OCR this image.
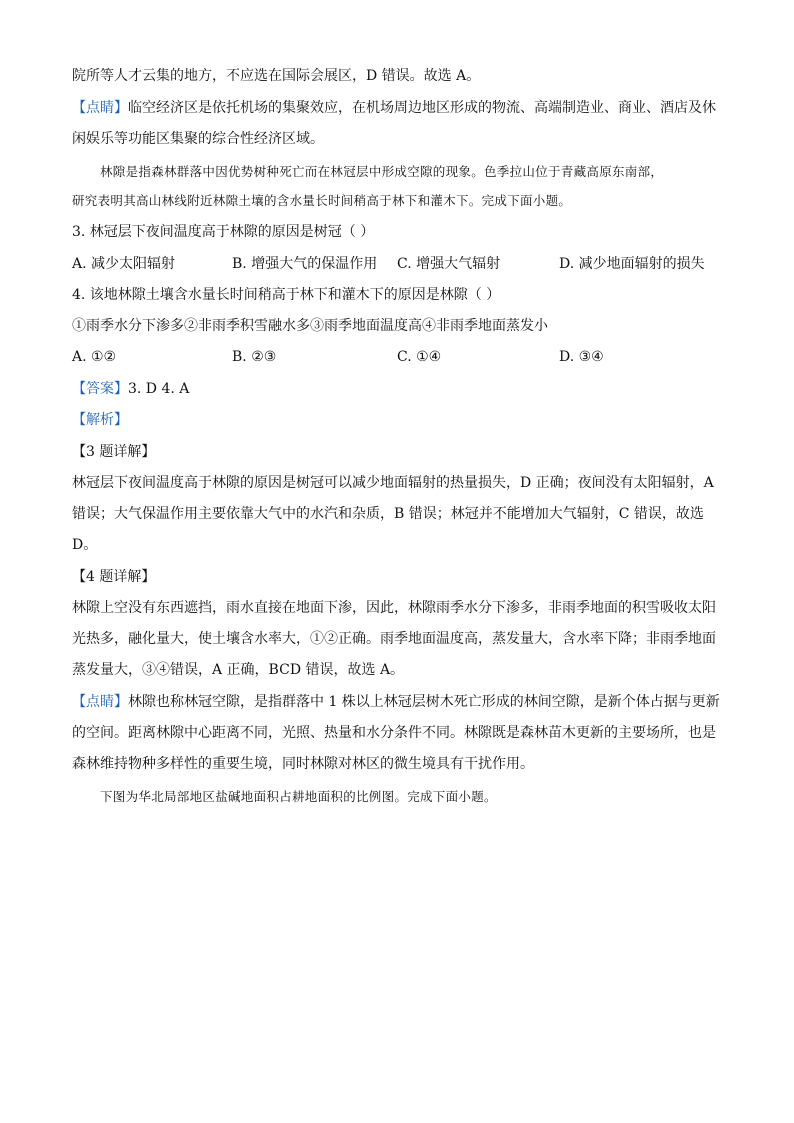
院所等人才云集的地方，不应选在国际会展区，D 错误。故选 A。
【点睛】临空经济区是依托机场的集聚效应，在机场周边地区形成的物流、高端制造业、商业、酒店及休
闲娱乐等功能区集聚的综合性经济区域。
林隙是指森林群落中因优势树种死亡而在林冠层中形成空隙的现象。色季拉山位于青藏高原东南部，
研究表明其高山林线附近林隙土壤的含水量长时间稍高于林下和灌木下。完成下面小题。
3. 林冠层下夜间温度高于林隙的原因是树冠（ ）
A. 减少太阳辐射	B. 增强大气的保温作用 C. 增强大气辐射	D. 减少地面辐射的损失
4. 该地林隙土壤含水量长时间稍高于林下和灌木下的原因是林隙（ ）
①雨季水分下渗多②非雨季积雪融水多③雨季地面温度高④非雨季地面蒸发小
A. ①②	B. ②③	C. ①④	D. ③④
【答案】3. D 4. A
【解析】
【3 题详解】
林冠层下夜间温度高于林隙的原因是树冠可以减少地面辐射的热量损失，D 正确；夜间没有太阳辐射，A
错误；大气保温作用主要依靠大气中的水汽和杂质，B 错误；林冠并不能增加大气辐射，C 错误，故选
D。
【4 题详解】
林隙上空没有东西遮挡，雨水直接在地面下渗，因此，林隙雨季水分下渗多，非雨季地面的积雪吸收太阳
光热多，融化量大，使土壤含水率大，①②正确。雨季地面温度高，蒸发量大，含水率下降；非雨季地面
蒸发量大，③④错误，A 正确，BCD 错误，故选 A。
【点睛】林隙也称林冠空隙，是指群落中 1 株以上林冠层树木死亡形成的林间空隙，是新个体占据与更新
的空间。距离林隙中心距离不同，光照、热量和水分条件不同。林隙既是森林苗木更新的主要场所，也是
森林维持物种多样性的重要生境，同时林隙对林区的微生境具有干扰作用。
下图为华北局部地区盐碱地面积占耕地面积的比例图。完成下面小题。
